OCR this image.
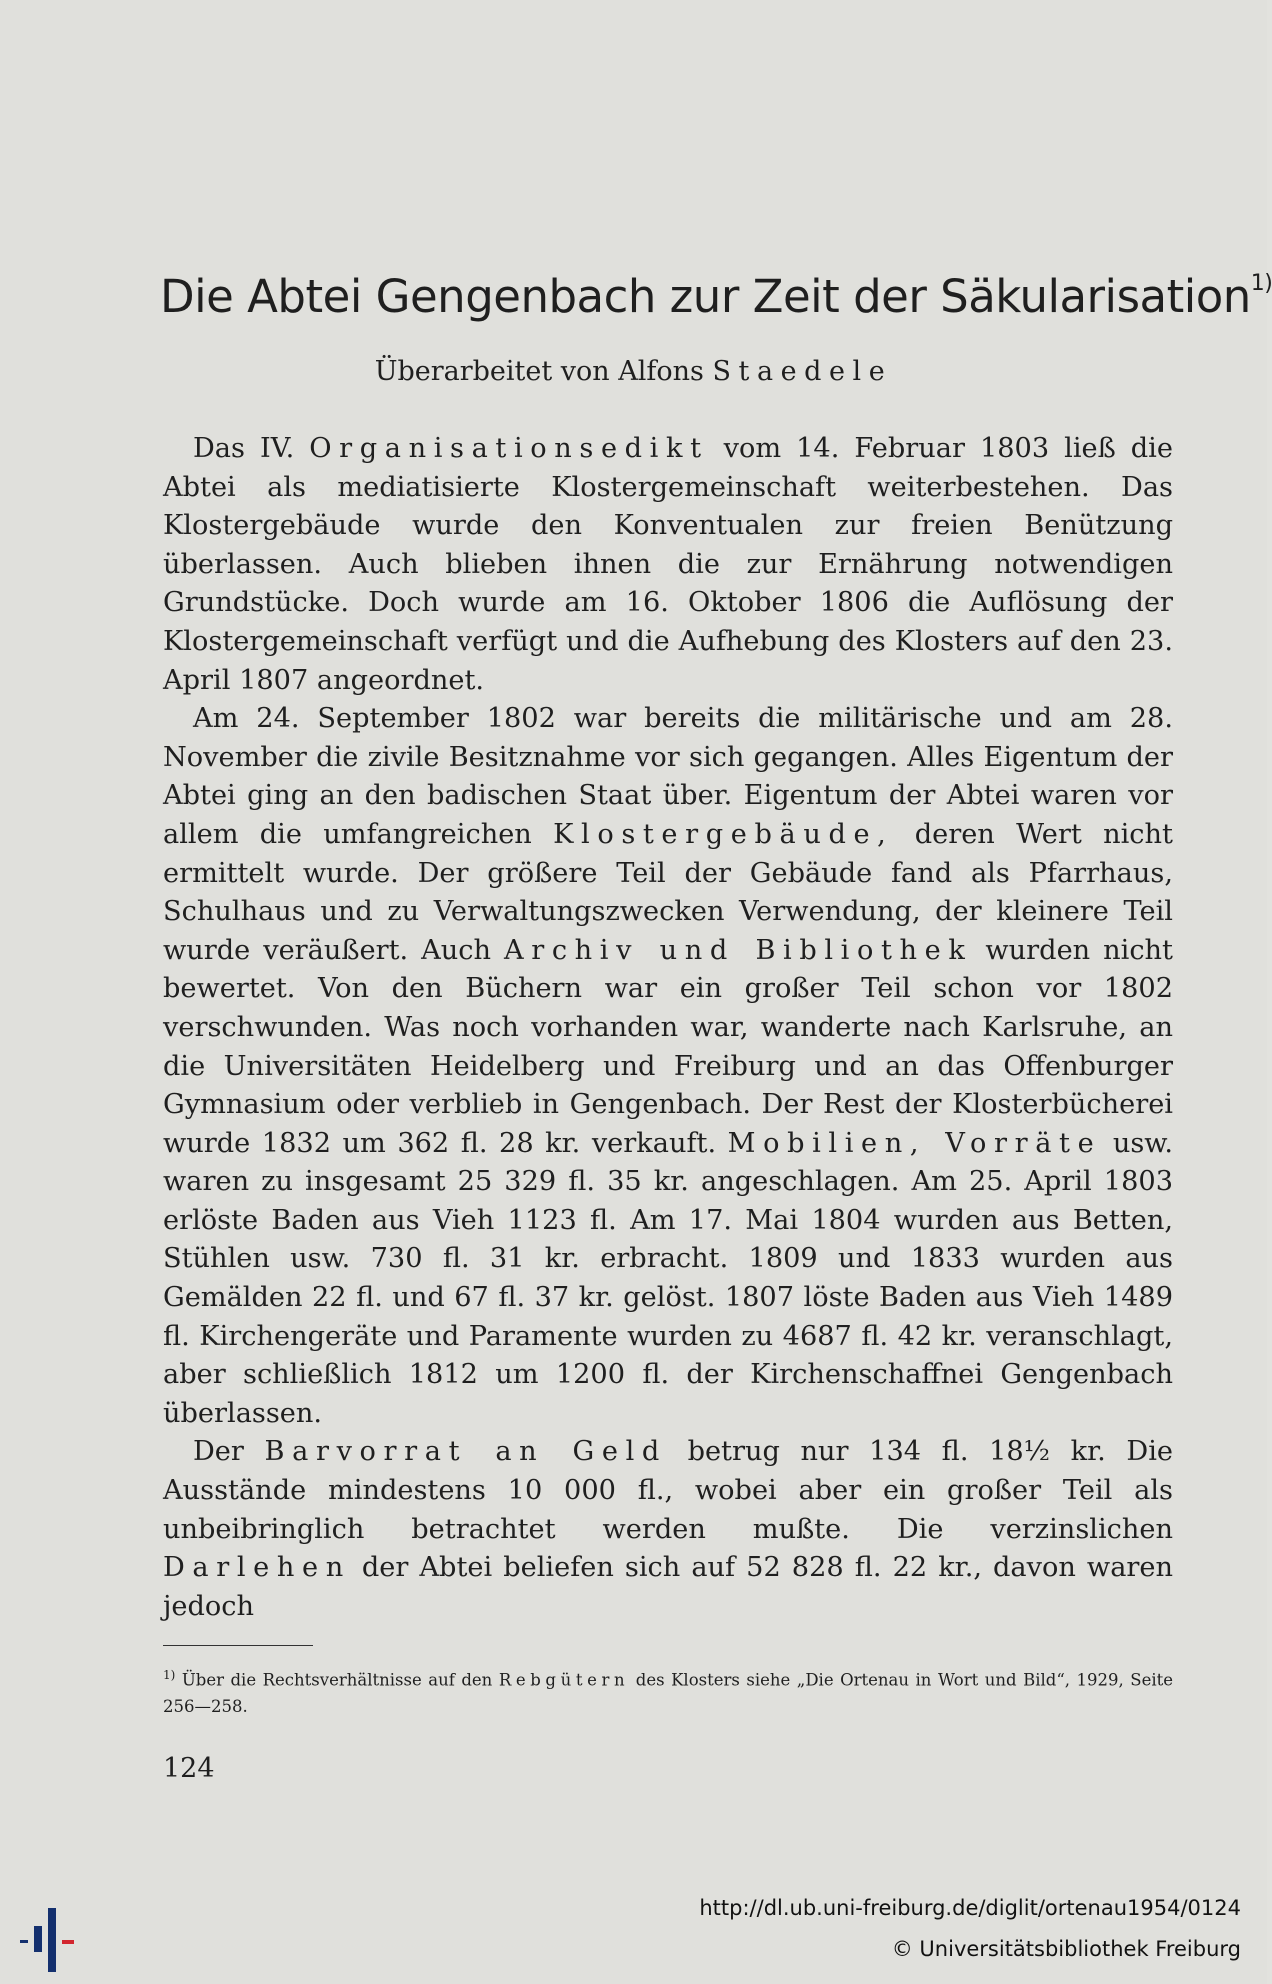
Die Abtei Gengenbach zur Zeit der Säkularisation$^{1)}$
Überarbeitet von Alfons Staedele

Das IV. Organisationsedikt vom 14. Februar 1803 ließ die Abtei als mediatisierte Klostergemeinschaft weiterbestehen. Das Klostergebäude wurde den Konventualen zur freien Benützung überlassen. Auch blieben ihnen die zur Ernährung notwendigen Grundstücke. Doch wurde am 16. Oktober 1806 die Auflösung der Klostergemeinschaft verfügt und die Aufhebung des Klosters auf den 23. April 1807 angeordnet.

Am 24. September 1802 war bereits die militärische und am 28. November die zivile Besitznahme vor sich gegangen. Alles Eigentum der Abtei ging an den badischen Staat über. Eigentum der Abtei waren vor allem die umfangreichen Klostergebäude, deren Wert nicht ermittelt wurde. Der größere Teil der Gebäude fand als Pfarrhaus, Schulhaus und zu Verwaltungszwecken Verwendung, der kleinere Teil wurde veräußert. Auch Archiv und Bibliothek wurden nicht bewertet. Von den Büchern war ein großer Teil schon vor 1802 verschwunden. Was noch vorhanden war, wanderte nach Karlsruhe, an die Universitäten Heidelberg und Freiburg und an das Offenburger Gymnasium oder verblieb in Gengenbach. Der Rest der Klosterbücherei wurde 1832 um 362 fl. 28 kr. verkauft. Mobilien, Vorräte usw. waren zu insgesamt 25 329 fl. 35 kr. angeschlagen. Am 25. April 1803 erlöste Baden aus Vieh 1123 fl. Am 17. Mai 1804 wurden aus Betten, Stühlen usw. 730 fl. 31 kr. erbracht. 1809 und 1833 wurden aus Gemälden 22 fl. und 67 fl. 37 kr. gelöst. 1807 löste Baden aus Vieh 1489 fl. Kirchengeräte und Paramente wurden zu 4687 fl. 42 kr. veranschlagt, aber schließlich 1812 um 1200 fl. der Kirchenschaffnei Gengenbach überlassen.

Der Barvorrat an Geld betrug nur 134 fl. 18½ kr. Die Ausstände mindestens 10 000 fl., wobei aber ein großer Teil als unbeibringlich betrachtet werden mußte. Die verzinslichen Darlehen der Abtei beliefen sich auf 52 828 fl. 22 kr., davon waren jedoch

$^{1)}$ Über die Rechtsverhältnisse auf den Rebgütern des Klosters siehe „Die Ortenau in Wort und Bild“, 1929, Seite 256—258.
124
http://dl.ub.uni-freiburg.de/diglit/ortenau1954/0124
© Universitätsbibliothek Freiburg
